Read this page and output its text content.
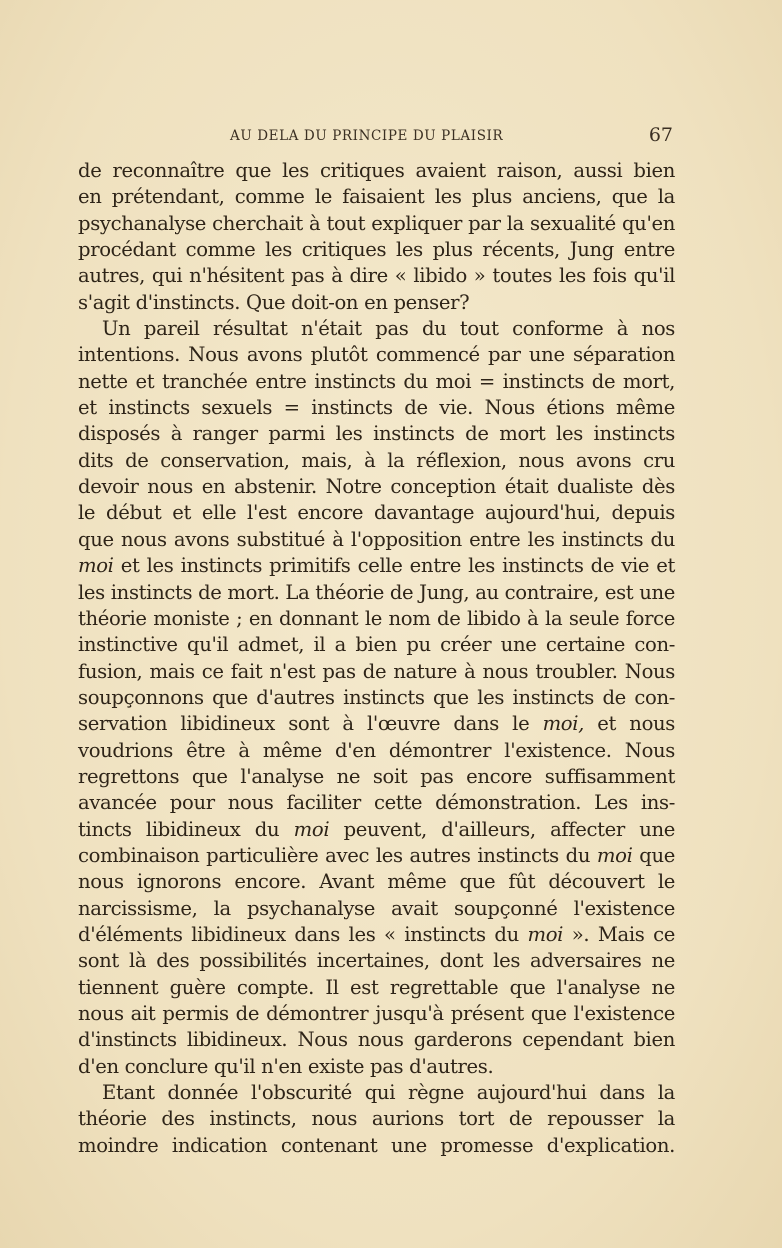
AU DELA DU PRINCIPE DU PLAISIR	67
de reconnaître que les critiques avaient raison, aussi bien
en prétendant, comme le faisaient les plus anciens, que la
psychanalyse cherchait à tout expliquer par la sexualité qu'en
procédant comme les critiques les plus récents, Jung entre
autres, qui n'hésitent pas à dire « libido » toutes les fois qu'il
s'agit d'instincts. Que doit-on en penser?
Un pareil résultat n'était pas du tout conforme à nos
intentions. Nous avons plutôt commencé par une séparation
nette et tranchée entre instincts du moi = instincts de mort,
et instincts sexuels = instincts de vie. Nous étions même
disposés à ranger parmi les instincts de mort les instincts
dits de conservation, mais, à la réflexion, nous avons cru
devoir nous en abstenir. Notre conception était dualiste dès
le début et elle l'est encore davantage aujourd'hui, depuis
que nous avons substitué à l'opposition entre les instincts du
moi et les instincts primitifs celle entre les instincts de vie et
les instincts de mort. La théorie de Jung, au contraire, est une
théorie moniste ; en donnant le nom de libido à la seule force
instinctive qu'il admet, il a bien pu créer une certaine con-
fusion, mais ce fait n'est pas de nature à nous troubler. Nous
soupçonnons que d'autres instincts que les instincts de con-
servation libidineux sont à l'œuvre dans le moi, et nous
voudrions être à même d'en démontrer l'existence. Nous
regrettons que l'analyse ne soit pas encore suffisamment
avancée pour nous faciliter cette démonstration. Les ins-
tincts libidineux du moi peuvent, d'ailleurs, affecter une
combinaison particulière avec les autres instincts du moi que
nous ignorons encore. Avant même que fût découvert le
narcissisme, la psychanalyse avait soupçonné l'existence
d'éléments libidineux dans les « instincts du moi ». Mais ce
sont là des possibilités incertaines, dont les adversaires ne
tiennent guère compte. Il est regrettable que l'analyse ne
nous ait permis de démontrer jusqu'à présent que l'existence
d'instincts libidineux. Nous nous garderons cependant bien
d'en conclure qu'il n'en existe pas d'autres.
Etant donnée l'obscurité qui règne aujourd'hui dans la
théorie des instincts, nous aurions tort de repousser la
moindre indication contenant une promesse d'explication.
